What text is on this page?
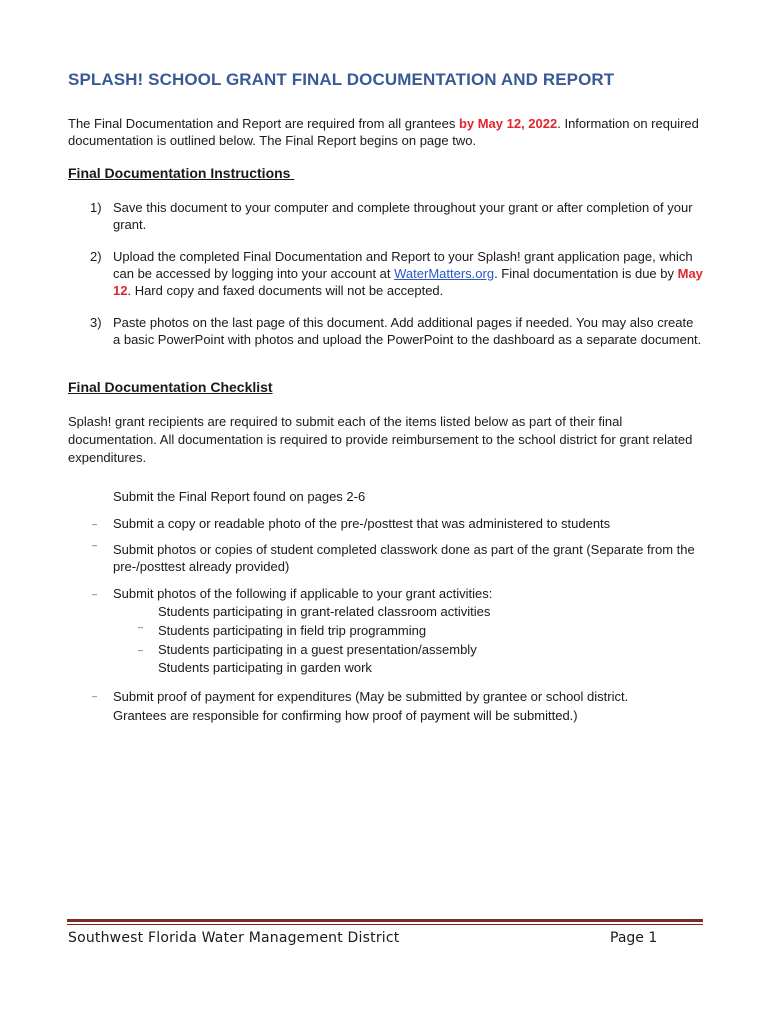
SPLASH! SCHOOL GRANT FINAL DOCUMENTATION AND REPORT
The Final Documentation and Report are required from all grantees by May 12, 2022. Information on required documentation is outlined below. The Final Report begins on page two.
Final Documentation Instructions
1) Save this document to your computer and complete throughout your grant or after completion of your grant.
2) Upload the completed Final Documentation and Report to your Splash! grant application page, which can be accessed by logging into your account at WaterMatters.org. Final documentation is due by May 12. Hard copy and faxed documents will not be accepted.
3) Paste photos on the last page of this document. Add additional pages if needed. You may also create a basic PowerPoint with photos and upload the PowerPoint to the dashboard as a separate document.
Final Documentation Checklist
Splash! grant recipients are required to submit each of the items listed below as part of their final documentation. All documentation is required to provide reimbursement to the school district for grant related expenditures.
Submit the Final Report found on pages 2-6
– Submit a copy or readable photo of the pre-/posttest that was administered to students
– Submit photos or copies of student completed classwork done as part of the grant (Separate from the pre-/posttest already provided)
– Submit photos of the following if applicable to your grant activities:
Students participating in grant-related classroom activities
– Students participating in field trip programming
– Students participating in a guest presentation/assembly
Students participating in garden work
– Submit proof of payment for expenditures (May be submitted by grantee or school district. Grantees are responsible for confirming how proof of payment will be submitted.)
Southwest Florida Water Management District	Page 1
